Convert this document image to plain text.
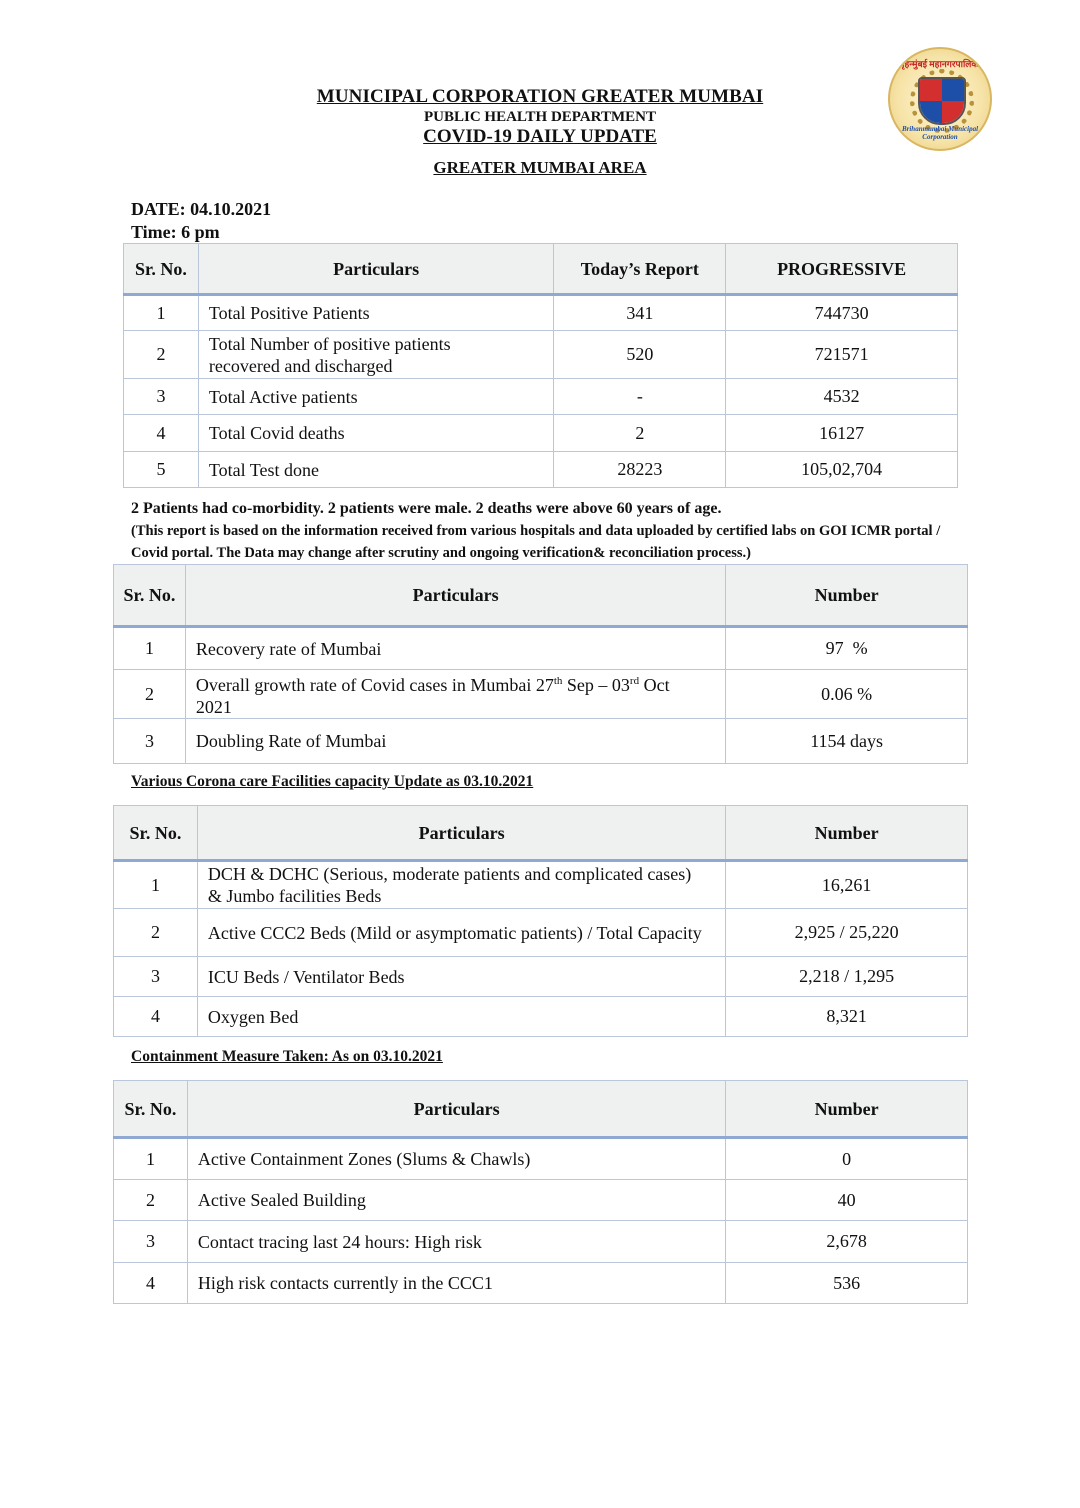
MUNICIPAL CORPORATION GREATER MUMBAI
PUBLIC HEALTH DEPARTMENT
COVID-19 DAILY UPDATE
GREATER MUMBAI AREA
बृहन्मुंबई महानगरपालिका
Brihanmumbai Municipal Corporation
DATE: 04.10.2021
Time: 6 pm
Sr. No.	Particulars	Today’s Report	PROGRESSIVE
1	Total Positive Patients	341	744730
2	Total Number of positive patients recovered and discharged	520	721571
3	Total Active patients	-	4532
4	Total Covid deaths	2	16127
5	Total Test done	28223	105,02,704
2 Patients had co-morbidity. 2 patients were male. 2 deaths were above 60 years of age.
(This report is based on the information received from various hospitals and data uploaded by certified labs on GOI ICMR portal / Covid portal. The Data may change after scrutiny and ongoing verification& reconciliation process.)
Sr. No.	Particulars	Number
1	Recovery rate of Mumbai	97  %
2	Overall growth rate of Covid cases in Mumbai 27th Sep – 03rd Oct 2021	0.06 %
3	Doubling Rate of Mumbai	1154 days
Various Corona care Facilities capacity Update as 03.10.2021
Sr. No.	Particulars	Number
1	DCH & DCHC (Serious, moderate patients and complicated cases) & Jumbo facilities Beds	16,261
2	Active CCC2 Beds (Mild or asymptomatic patients) / Total Capacity	2,925 / 25,220
3	ICU Beds / Ventilator Beds	2,218 / 1,295
4	Oxygen Bed	8,321
Containment Measure Taken: As on 03.10.2021
Sr. No.	Particulars	Number
1	Active Containment Zones (Slums & Chawls)	0
2	Active Sealed Building	40
3	Contact tracing last 24 hours: High risk	2,678
4	High risk contacts currently in the CCC1	536
